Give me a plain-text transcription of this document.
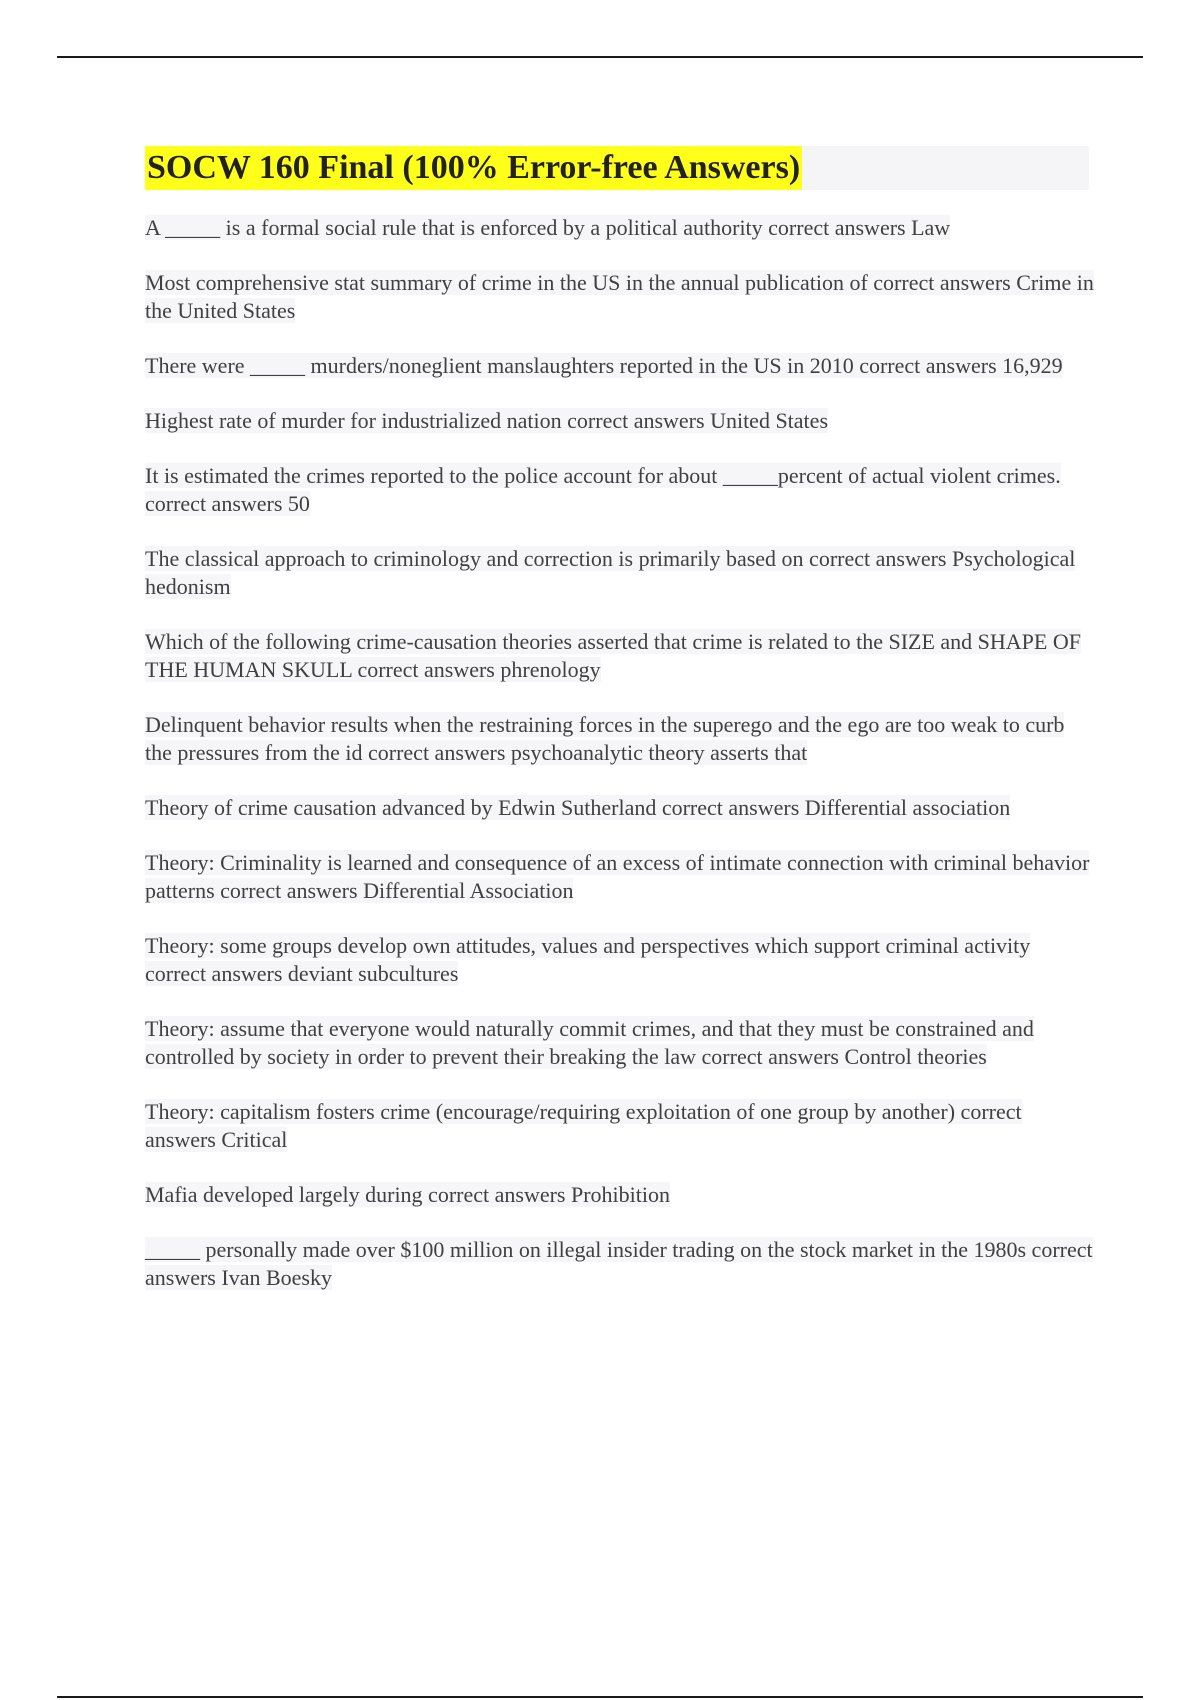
SOCW 160 Final (100% Error-free Answers)

A _____ is a formal social rule that is enforced by a political authority correct answers Law

Most comprehensive stat summary of crime in the US in the annual publication of correct answers Crime in the United States

There were _____ murders/noneglient manslaughters reported in the US in 2010 correct answers 16,929

Highest rate of murder for industrialized nation correct answers United States

It is estimated the crimes reported to the police account for about _____percent of actual violent crimes. correct answers 50

The classical approach to criminology and correction is primarily based on correct answers Psychological hedonism

Which of the following crime-causation theories asserted that crime is related to the SIZE and SHAPE OF THE HUMAN SKULL correct answers phrenology

Delinquent behavior results when the restraining forces in the superego and the ego are too weak to curb the pressures from the id correct answers psychoanalytic theory asserts that

Theory of crime causation advanced by Edwin Sutherland correct answers Differential association

Theory: Criminality is learned and consequence of an excess of intimate connection with criminal behavior patterns correct answers Differential Association

Theory: some groups develop own attitudes, values and perspectives which support criminal activity correct answers deviant subcultures

Theory: assume that everyone would naturally commit crimes, and that they must be constrained and controlled by society in order to prevent their breaking the law correct answers Control theories

Theory: capitalism fosters crime (encourage/requiring exploitation of one group by another) correct answers Critical

Mafia developed largely during correct answers Prohibition

_____ personally made over $100 million on illegal insider trading on the stock market in the 1980s correct answers Ivan Boesky
